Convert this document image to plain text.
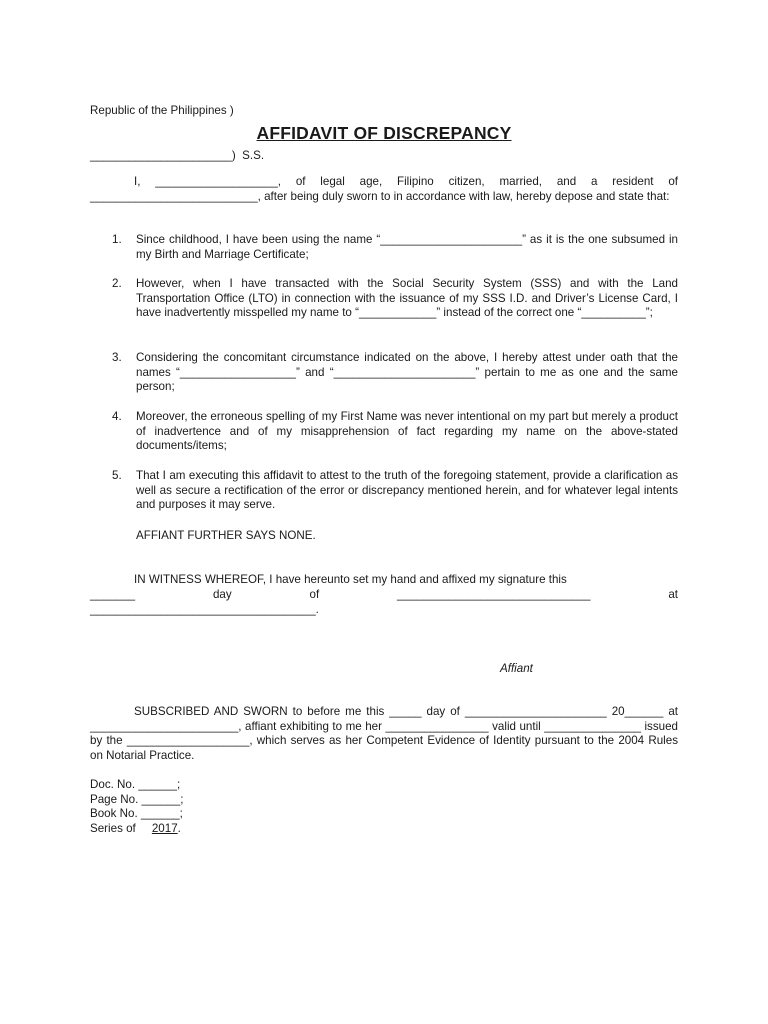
Republic of the Philippines )

______________________)  S.S.

AFFIDAVIT OF DISCREPANCY

I, ___________________, of legal age, Filipino citizen, married, and a resident of __________________________, after being duly sworn to in accordance with law, hereby depose and state that:

1. Since childhood, I have been using the name “______________________” as it is the one subsumed in my Birth and Marriage Certificate;

2. However, when I have transacted with the Social Security System (SSS) and with the Land Transportation Office (LTO) in connection with the issuance of my SSS I.D. and Driver’s License Card, I have inadvertently misspelled my name to “____________” instead of the correct one “__________”;

3. Considering the concomitant circumstance indicated on the above, I hereby attest under oath that the names “__________________” and “______________________” pertain to me as one and the same person;

4. Moreover, the erroneous spelling of my First Name was never intentional on my part but merely a product of inadvertence and of my misapprehension of fact regarding my name on the above-stated documents/items;

5. That I am executing this affidavit to attest to the truth of the foregoing statement, provide a clarification as well as secure a rectification of the error or discrepancy mentioned herein, and for whatever legal intents and purposes it may serve.

AFFIANT FURTHER SAYS NONE.

IN WITNESS WHEREOF, I have hereunto set my hand and affixed my signature this

_______	day	of	______________________________	at
___________________________________.
Affiant

SUBSCRIBED AND SWORN to before me this _____ day of ______________________ 20______ at _______________________, affiant exhibiting to me her ________________ valid until _______________ issued by the ___________________, which serves as her Competent Evidence of Identity pursuant to the 2004 Rules on Notarial Practice.

Doc. No. ______;
Page No. ______;
Book No. ______;
Series of     2017.
